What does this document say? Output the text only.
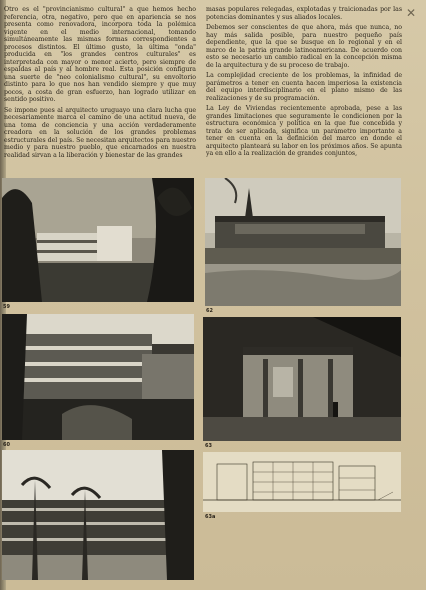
✕

Otro es el "provincianismo cultural" a que hemos hecho referencia, otra, negativo, pero que en apariencia se nos presenta como renovadora, incorpora toda la polémica vigente en el medio internacional, tomando simultáneamente las mismas formas correspondientes a procesos distintos. El último gusto, la última "onda" producida en "los grandes centros culturales" es interpretada con mayor o menor acierto, pero siempre de espaldas al país y al hombre real. Esta posición configura una suerte de "neo colonialismo cultural", su envoltorio distinto para lo que nos han vendido siempre y que muy pocos, a costa de gran esfuerzo, han logrado utilizar en sentido positivo.

Se impone pues al arquitecto uruguayo una clara lucha que necesariamente marca el camino de una actitud nueva, de una toma de conciencia y una acción verdaderamente creadora en la solución de los grandes problemas estructurales del país. Se necesitan arquitectos para nuestro medio y para nuestro pueblo, que encarnados en nuestra realidad sirvan a la liberación y bienestar de las grandes

masas populares relegadas, explotadas y traicionadas por las potencias dominantes y sus aliados locales.

Debemos ser conscientes de que ahora, más que nunca, no hay más salida posible, para nuestro pequeño país dependiente, que la que se busque en lo regional y en el marco de la patria grande latinoamericana. De acuerdo con esto se necesario un cambio radical en la concepción misma de la arquitectura y de su proceso de trabajo.

La complejidad creciente de los problemas, la infinidad de parámetros a tener en cuenta hacen imperiosa la existencia del equipo interdisciplinario en el plano mismo de las realizaciones y de su programación.

La Ley de Viviendas recientemente aprobada, pese a las grandes limitaciones que seguramente le condicionen por la estructura económica y política en la que fue concebida y trata de ser aplicada, significa un parámetro importante a tener en cuenta en la definición del marco en donde el arquitecto planteará su labor en los próximos años. Se apunta ya en ello a la realización de grandes conjuntos,

59
62
60	63
63a
